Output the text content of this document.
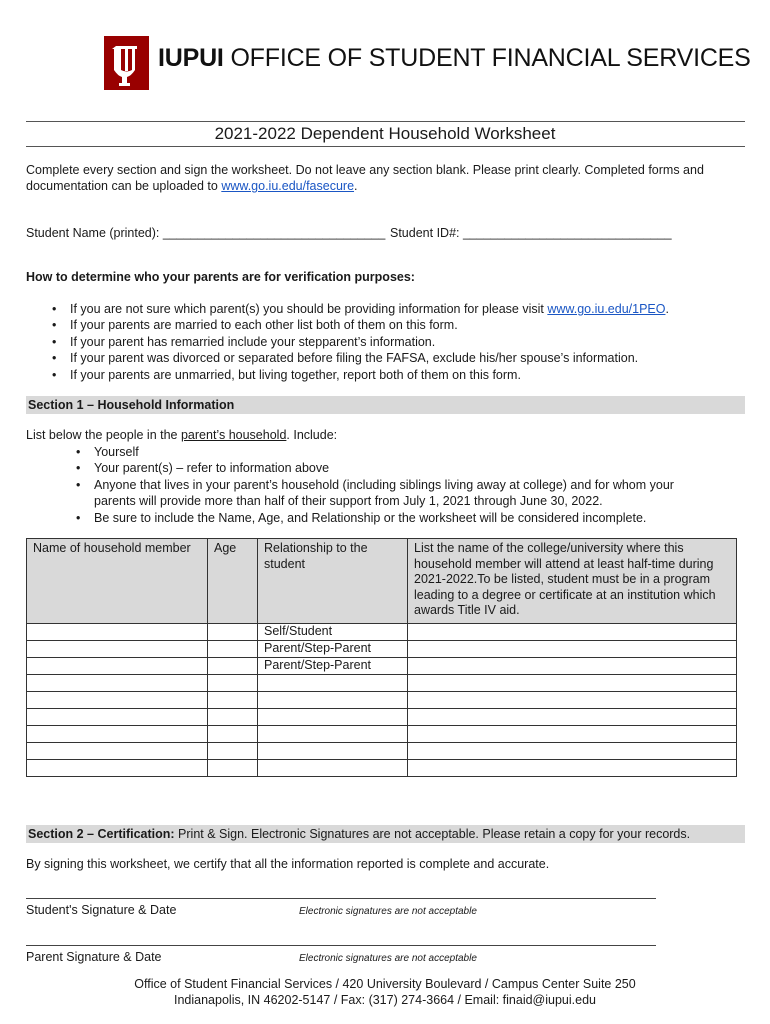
IUPUI OFFICE OF STUDENT FINANCIAL SERVICES
2021-2022 Dependent Household Worksheet
Complete every section and sign the worksheet. Do not leave any section blank. Please print clearly. Completed forms and documentation can be uploaded to www.go.iu.edu/fasecure.
Student Name (printed): ________________________________ Student ID#: ______________________________
How to determine who your parents are for verification purposes:
• If you are not sure which parent(s) you should be providing information for please visit www.go.iu.edu/1PEO.
• If your parents are married to each other list both of them on this form.
• If your parent has remarried include your stepparent’s information.
• If your parent was divorced or separated before filing the FAFSA, exclude his/her spouse’s information.
• If your parents are unmarried, but living together, report both of them on this form.
Section 1 – Household Information
List below the people in the parent’s household. Include:
• Yourself
• Your parent(s) – refer to information above
• Anyone that lives in your parent’s household (including siblings living away at college) and for whom your parents will provide more than half of their support from July 1, 2021 through June 30, 2022.
• Be sure to include the Name, Age, and Relationship or the worksheet will be considered incomplete.
Name of household member	Age	Relationship to the student	List the name of the college/university where this household member will attend at least half-time during 2021-2022.To be listed, student must be in a program leading to a degree or certificate at an institution which awards Title IV aid.
		Self/Student	
		Parent/Step-Parent	
		Parent/Step-Parent	

Section 2 – Certification: Print & Sign. Electronic Signatures are not acceptable. Please retain a copy for your records.
By signing this worksheet, we certify that all the information reported is complete and accurate.
Student's Signature & Date	Electronic signatures are not acceptable
Parent Signature & Date	Electronic signatures are not acceptable
Office of Student Financial Services / 420 University Boulevard / Campus Center Suite 250
Indianapolis, IN 46202-5147 / Fax: (317) 274-3664 / Email: finaid@iupui.edu
